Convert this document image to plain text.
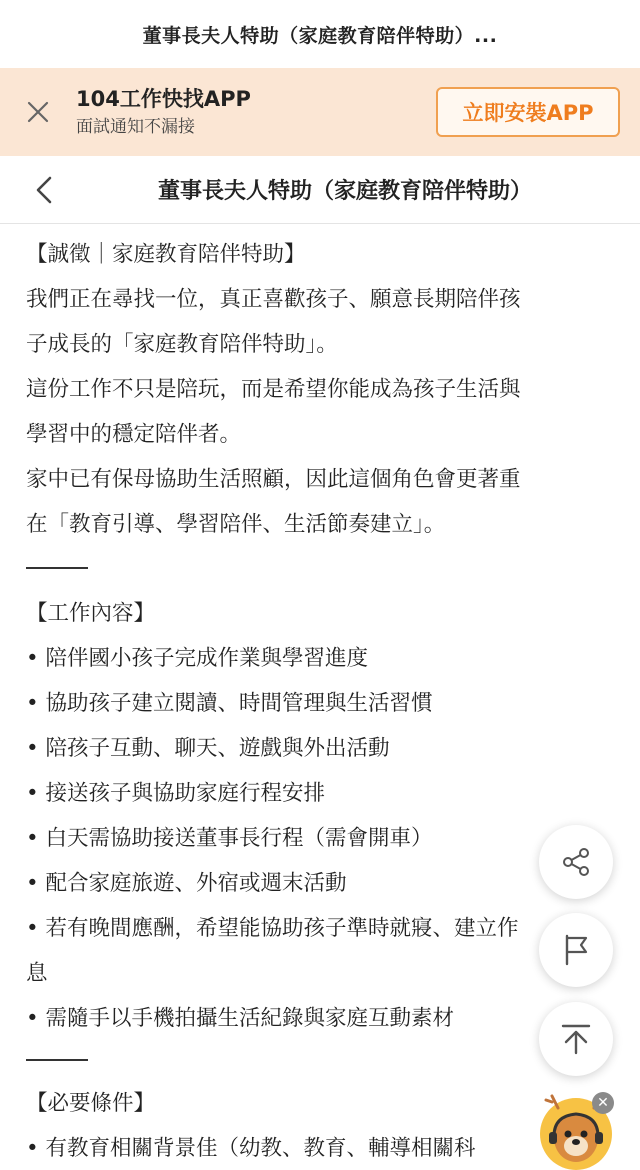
董事長夫人特助（家庭教育陪伴特助）...
104工作快找APP
面試通知不漏接
立即安裝APP
董事長夫人特助（家庭教育陪伴特助）

【誠徵｜家庭教育陪伴特助】

我們正在尋找一位，真正喜歡孩子、願意長期陪伴孩

子成長的「家庭教育陪伴特助」。

這份工作不只是陪玩，而是希望你能成為孩子生活與

學習中的穩定陪伴者。

家中已有保母協助生活照顧，因此這個角色會更著重

在「教育引導、學習陪伴、生活節奏建立」。

【工作內容】

• 陪伴國小孩子完成作業與學習進度

• 協助孩子建立閱讀、時間管理與生活習慣

• 陪孩子互動、聊天、遊戲與外出活動

• 接送孩子與協助家庭行程安排

• 白天需協助接送董事長行程（需會開車）

• 配合家庭旅遊、外宿或週末活動

• 若有晚間應酬，希望能協助孩子準時就寢、建立作

息

• 需隨手以手機拍攝生活紀錄與家庭互動素材

【必要條件】

• 有教育相關背景佳（幼教、教育、輔導相關科

✕
